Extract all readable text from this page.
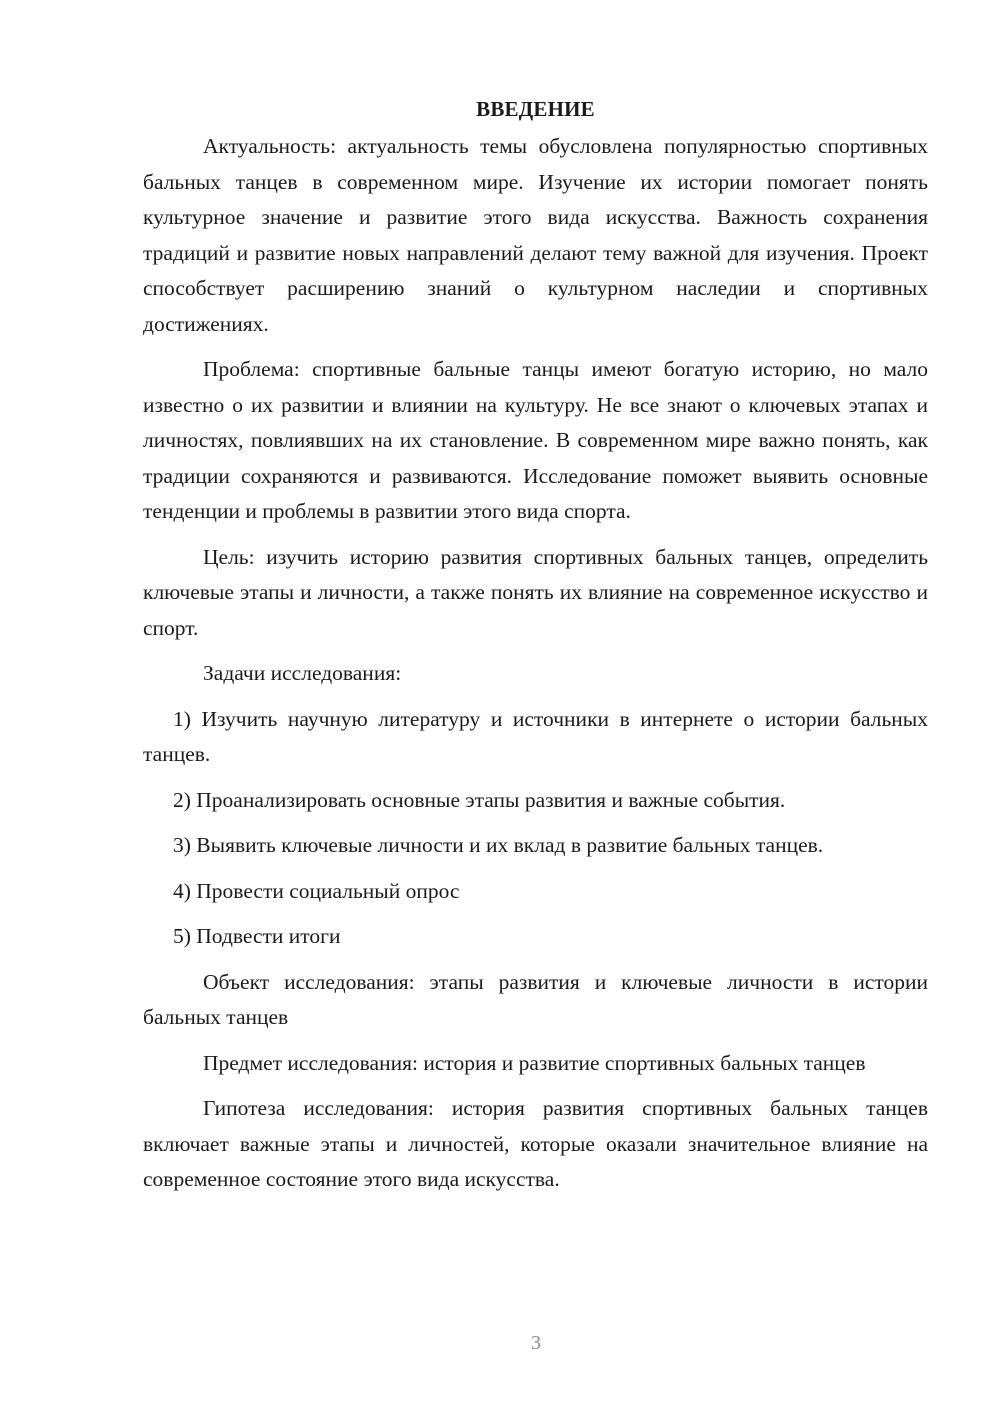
ВВЕДЕНИЕ

Актуальность: актуальность темы обусловлена популярностью спортивных бальных танцев в современном мире. Изучение их истории помогает понять культурное значение и развитие этого вида искусства. Важность сохранения традиций и развитие новых направлений делают тему важной для изучения. Проект способствует расширению знаний о культурном наследии и спортивных достижениях.

Проблема: спортивные бальные танцы имеют богатую историю, но мало известно о их развитии и влиянии на культуру. Не все знают о ключевых этапах и личностях, повлиявших на их становление. В современном мире важно понять, как традиции сохраняются и развиваются. Исследование поможет выявить основные тенденции и проблемы в развитии этого вида спорта.

Цель: изучить историю развития спортивных бальных танцев, определить ключевые этапы и личности, а также понять их влияние на современное искусство и спорт.

Задачи исследования:

1) Изучить научную литературу и источники в интернете о истории бальных танцев.

2) Проанализировать основные этапы развития и важные события.

3) Выявить ключевые личности и их вклад в развитие бальных танцев.

4) Провести социальный опрос

5) Подвести итоги

Объект исследования: этапы развития и ключевые личности в истории бальных танцев

Предмет исследования: история и развитие спортивных бальных танцев

Гипотеза исследования: история развития спортивных бальных танцев включает важные этапы и личностей, которые оказали значительное влияние на современное состояние этого вида искусства.

3
